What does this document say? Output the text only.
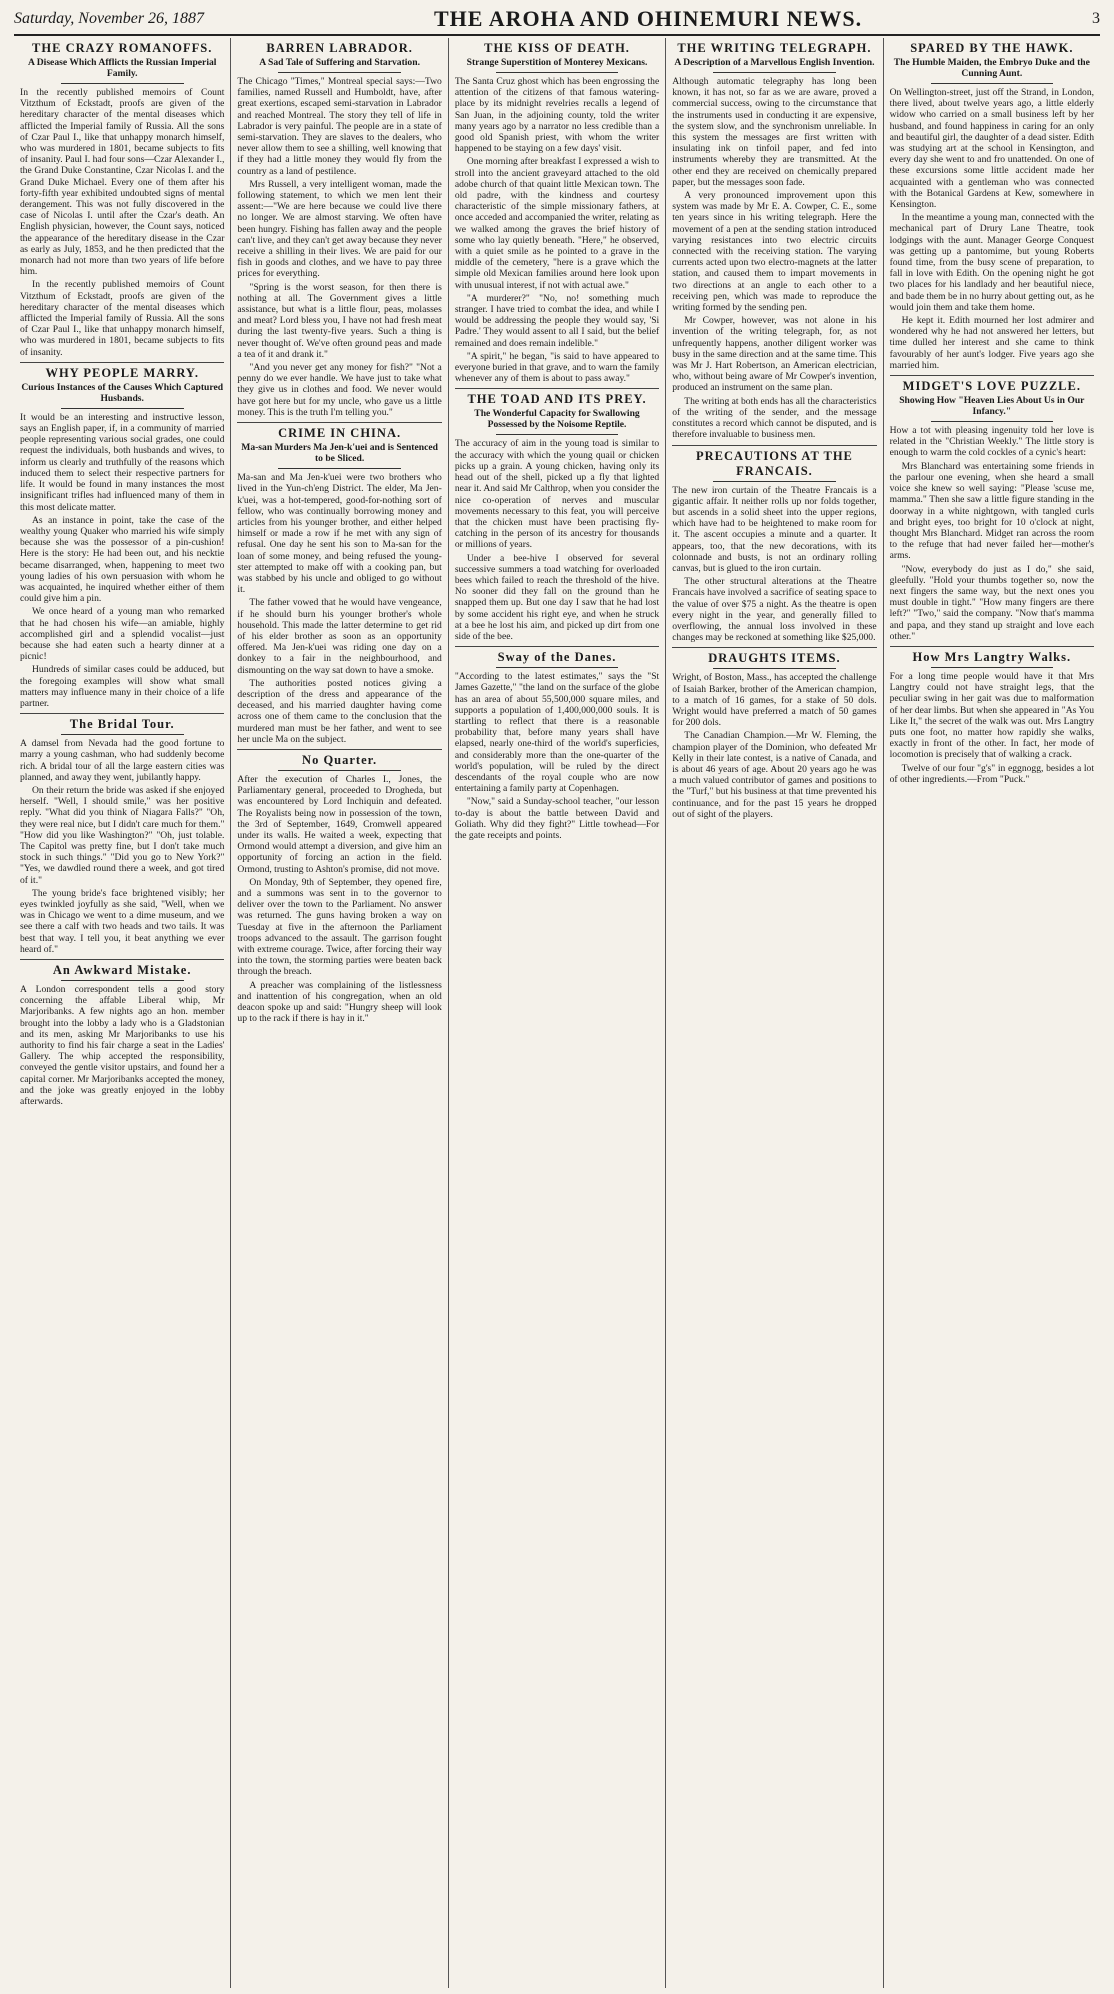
Saturday, November 26, 1887	THE AROHA AND OHINEMURI NEWS.	3
THE CRAZY ROMANOFFS.
A Disease Which Afflicts the Russian Imperial Family.

In the recently published memoirs of Count Vitzthum of Eckstadt, proofs are given of the hereditary character of the mental diseases which afflicted the Imperial family of Russia. All the sons of Czar Paul I., like that unhappy monarch himself, who was murdered in 1801, became subjects to fits of insanity. Paul I. had four sons—Czar Alexander I., the Grand Duke Constantine, Czar Nicolas I. and the Grand Duke Michael. Every one of them after his forty-fifth year exhibited undoubted signs of mental derangement. This was not fully discovered in the case of Nicolas I. until after the Czar's death. An English physician, however, the Count says, noticed the appearance of the hereditary disease in the Czar as early as July, 1853, and he then predicted that the monarch had not more than two years of life before him.

In the recently published memoirs of Count Vitzthum of Eckstadt, proofs are given of the hereditary character of the mental diseases which afflicted the Imperial family of Russia. All the sons of Czar Paul I., like that unhappy monarch himself, who was murdered in 1801, became subjects to fits of insanity.

WHY PEOPLE MARRY.
Curious Instances of the Causes Which Captured Husbands.

It would be an interesting and instructive lesson, says an English paper, if, in a community of married people representing various social grades, one could request the individuals, both husbands and wives, to inform us clearly and truthfully of the reasons which induced them to select their respective partners for life. It would be found in many instances the most insignificant trifles had influenced many of them in this most delicate matter.

As an instance in point, take the case of the wealthy young Quaker who married his wife simply because she was the possessor of a pin-cushion! Here is the story: He had been out, and his necktie became disarranged, when, happening to meet two young ladies of his own persuasion with whom he was acquainted, he inquired whether either of them could give him a pin.

We once heard of a young man who remarked that he had chosen his wife—an amiable, highly accomplished girl and a splendid vocalist—just because she had eaten such a hearty dinner at a picnic!

Hundreds of similar cases could be adduced, but the foregoing examples will show what small matters may influence many in their choice of a life partner.

The Bridal Tour.

A damsel from Nevada had the good fortune to marry a young cashman, who had suddenly become rich. A bridal tour of all the large eastern cities was planned, and away they went, jubilantly happy.

On their return the bride was asked if she enjoyed herself. "Well, I should smile," was her positive reply. "What did you think of Niagara Falls?" "Oh, they were real nice, but I didn't care much for them." "How did you like Washington?" "Oh, just tolable. The Capitol was pretty fine, but I don't take much stock in such things." "Did you go to New York?" "Yes, we dawdled round there a week, and got tired of it."

The young bride's face brightened visibly; her eyes twinkled joyfully as she said, "Well, when we was in Chicago we went to a dime museum, and we see there a calf with two heads and two tails. It was best that way. I tell you, it beat anything we ever heard of."

An Awkward Mistake.

A London correspondent tells a good story concerning the affable Liberal whip, Mr Marjoribanks. A few nights ago an hon. member brought into the lobby a lady who is a Gladstonian and its men, asking Mr Marjoribanks to use his authority to find his fair charge a seat in the Ladies' Gallery. The whip accepted the responsibility, conveyed the gentle visitor upstairs, and found her a capital corner. Mr Marjoribanks accepted the money, and the joke was greatly enjoyed in the lobby afterwards.

BARREN LABRADOR.
A Sad Tale of Suffering and Starvation.

The Chicago "Times," Montreal special says:—Two families, named Russell and Humboldt, have, after great exertions, escaped semi-starvation in Labrador and reached Montreal. The story they tell of life in Labrador is very painful. The people are in a state of semi-starvation. They are slaves to the dealers, who never allow them to see a shilling, well knowing that if they had a little money they would fly from the country as a land of pestilence.

Mrs Russell, a very intelligent woman, made the following statement, to which we men lent their assent:—"We are here because we could live there no longer. We are almost starving. We often have been hungry. Fishing has fallen away and the people can't live, and they can't get away because they never receive a shilling in their lives. We are paid for our fish in goods and clothes, and we have to pay three prices for everything.

"Spring is the worst season, for then there is nothing at all. The Government gives a little assistance, but what is a little flour, peas, molasses and meat? Lord bless you, I have not had fresh meat during the last twenty-five years. Such a thing is never thought of. We've often ground peas and made a tea of it and drank it."

"And you never get any money for fish?" "Not a penny do we ever handle. We have just to take what they give us in clothes and food. We never would have got here but for my uncle, who gave us a little money. This is the truth I'm telling you."

CRIME IN CHINA.
Ma-san Murders Ma Jen-k'uei and is Sentenced to be Sliced.

Ma-san and Ma Jen-k'uei were two brothers who lived in the Yun-ch'eng District. The elder, Ma Jen-k'uei, was a hot-tempered, good-for-nothing sort of fellow, who was continually borrowing money and articles from his younger brother, and either helped himself or made a row if he met with any sign of refusal. One day he sent his son to Ma-san for the loan of some money, and being refused the young-ster attempted to make off with a cooking pan, but was stabbed by his uncle and obliged to go without it.

The father vowed that he would have vengeance, if he should burn his younger brother's whole household. This made the latter determine to get rid of his elder brother as soon as an opportunity offered. Ma Jen-k'uei was riding one day on a donkey to a fair in the neighbourhood, and dismounting on the way sat down to have a smoke.

The authorities posted notices giving a description of the dress and appearance of the deceased, and his married daughter having come across one of them came to the conclusion that the murdered man must be her father, and went to see her uncle Ma on the subject.

No Quarter.

After the execution of Charles I., Jones, the Parliamentary general, proceeded to Drogheda, but was encountered by Lord Inchiquin and defeated. The Royalists being now in possession of the town, the 3rd of September, 1649, Cromwell appeared under its walls. He waited a week, expecting that Ormond would attempt a diversion, and give him an opportunity of forcing an action in the field. Ormond, trusting to Ashton's promise, did not move.

On Monday, 9th of September, they opened fire, and a summons was sent in to the governor to deliver over the town to the Parliament. No answer was returned. The guns having broken a way on Tuesday at five in the afternoon the Parliament troops advanced to the assault. The garrison fought with extreme courage. Twice, after forcing their way into the town, the storming parties were beaten back through the breach.

A preacher was complaining of the listlessness and inattention of his congregation, when an old deacon spoke up and said: "Hungry sheep will look up to the rack if there is hay in it."

THE KISS OF DEATH.
Strange Superstition of Monterey Mexicans.

The Santa Cruz ghost which has been engrossing the attention of the citizens of that famous watering-place by its midnight revelries recalls a legend of San Juan, in the adjoining county, told the writer many years ago by a narrator no less credible than a good old Spanish priest, with whom the writer happened to be staying on a few days' visit.

One morning after breakfast I expressed a wish to stroll into the ancient graveyard attached to the old adobe church of that quaint little Mexican town. The old padre, with the kindness and courtesy characteristic of the simple missionary fathers, at once acceded and accompanied the writer, relating as we walked among the graves the brief history of some who lay quietly beneath. "Here," he observed, with a quiet smile as he pointed to a grave in the middle of the cemetery, "here is a grave which the simple old Mexican families around here look upon with unusual interest, if not with actual awe."

"A murderer?" "No, no! something much stranger. I have tried to combat the idea, and while I would be addressing the people they would say, 'Si Padre.' They would assent to all I said, but the belief remained and does remain indelible."

"A spirit," he began, "is said to have appeared to everyone buried in that grave, and to warn the family whenever any of them is about to pass away."

THE TOAD AND ITS PREY.
The Wonderful Capacity for Swallowing Possessed by the Noisome Reptile.

The accuracy of aim in the young toad is similar to the accuracy with which the young quail or chicken picks up a grain. A young chicken, having only its head out of the shell, picked up a fly that lighted near it. And said Mr Calthrop, when you consider the nice co-operation of nerves and muscular movements necessary to this feat, you will perceive that the chicken must have been practising fly-catching in the person of its ancestry for thousands or millions of years.

Under a bee-hive I observed for several successive summers a toad watching for overloaded bees which failed to reach the threshold of the hive. No sooner did they fall on the ground than he snapped them up. But one day I saw that he had lost by some accident his right eye, and when he struck at a bee he lost his aim, and picked up dirt from one side of the bee.

Sway of the Danes.

"According to the latest estimates," says the "St James Gazette," "the land on the surface of the globe has an area of about 55,500,000 square miles, and supports a population of 1,400,000,000 souls. It is startling to reflect that there is a reasonable probability that, before many years shall have elapsed, nearly one-third of the world's superficies, and considerably more than the one-quarter of the world's population, will be ruled by the direct descendants of the royal couple who are now entertaining a family party at Copenhagen.

"Now," said a Sunday-school teacher, "our lesson to-day is about the battle between David and Goliath. Why did they fight?" Little towhead—For the gate receipts and points.

THE WRITING TELEGRAPH.
A Description of a Marvellous English Invention.

Although automatic telegraphy has long been known, it has not, so far as we are aware, proved a commercial success, owing to the circumstance that the instruments used in conducting it are expensive, the system slow, and the synchronism unreliable. In this system the messages are first written with insulating ink on tinfoil paper, and fed into instruments whereby they are transmitted. At the other end they are received on chemically prepared paper, but the messages soon fade.

A very pronounced improvement upon this system was made by Mr E. A. Cowper, C. E., some ten years since in his writing telegraph. Here the movement of a pen at the sending station introduced varying resistances into two electric circuits connected with the receiving station. The varying currents acted upon two electro-magnets at the latter station, and caused them to impart movements in two directions at an angle to each other to a receiving pen, which was made to reproduce the writing formed by the sending pen.

Mr Cowper, however, was not alone in his invention of the writing telegraph, for, as not unfrequently happens, another diligent worker was busy in the same direction and at the same time. This was Mr J. Hart Robertson, an American electrician, who, without being aware of Mr Cowper's invention, produced an instrument on the same plan.

The writing at both ends has all the characteristics of the writing of the sender, and the message constitutes a record which cannot be disputed, and is therefore invaluable to business men.

PRECAUTIONS AT THE FRANCAIS.

The new iron curtain of the Theatre Francais is a gigantic affair. It neither rolls up nor folds together, but ascends in a solid sheet into the upper regions, which have had to be heightened to make room for it. The ascent occupies a minute and a quarter. It appears, too, that the new decorations, with its colonnade and busts, is not an ordinary rolling canvas, but is glued to the iron curtain.

The other structural alterations at the Theatre Francais have involved a sacrifice of seating space to the value of over $75 a night. As the theatre is open every night in the year, and generally filled to overflowing, the annual loss involved in these changes may be reckoned at something like $25,000.

DRAUGHTS ITEMS.

Wright, of Boston, Mass., has accepted the challenge of Isaiah Barker, brother of the American champion, to a match of 16 games, for a stake of 50 dols. Wright would have preferred a match of 50 games for 200 dols.

The Canadian Champion.—Mr W. Fleming, the champion player of the Dominion, who defeated Mr Kelly in their late contest, is a native of Canada, and is about 46 years of age. About 20 years ago he was a much valued contributor of games and positions to the "Turf," but his business at that time prevented his continuance, and for the past 15 years he dropped out of sight of the players.

SPARED BY THE HAWK.
The Humble Maiden, the Embryo Duke and the Cunning Aunt.

On Wellington-street, just off the Strand, in London, there lived, about twelve years ago, a little elderly widow who carried on a small business left by her husband, and found happiness in caring for an only and beautiful girl, the daughter of a dead sister. Edith was studying art at the school in Kensington, and every day she went to and fro unattended. On one of these excursions some little accident made her acquainted with a gentleman who was connected with the Botanical Gardens at Kew, somewhere in Kensington.

In the meantime a young man, connected with the mechanical part of Drury Lane Theatre, took lodgings with the aunt. Manager George Conquest was getting up a pantomime, but young Roberts found time, from the busy scene of preparation, to fall in love with Edith. On the opening night he got two places for his landlady and her beautiful niece, and bade them be in no hurry about getting out, as he would join them and take them home.

He kept it. Edith mourned her lost admirer and wondered why he had not answered her letters, but time dulled her interest and she came to think favourably of her aunt's lodger. Five years ago she married him.

MIDGET'S LOVE PUZZLE.
Showing How "Heaven Lies About Us in Our Infancy."

How a tot with pleasing ingenuity told her love is related in the "Christian Weekly." The little story is enough to warm the cold cockles of a cynic's heart:

Mrs Blanchard was entertaining some friends in the parlour one evening, when she heard a small voice she knew so well saying: "Please 'scuse me, mamma." Then she saw a little figure standing in the doorway in a white nightgown, with tangled curls and bright eyes, too bright for 10 o'clock at night, thought Mrs Blanchard. Midget ran across the room to the refuge that had never failed her—mother's arms.

"Now, everybody do just as I do," she said, gleefully. "Hold your thumbs together so, now the next fingers the same way, but the next ones you must double in tight." "How many fingers are there left?" "Two," said the company. "Now that's mamma and papa, and they stand up straight and love each other."

How Mrs Langtry Walks.

For a long time people would have it that Mrs Langtry could not have straight legs, that the peculiar swing in her gait was due to malformation of her dear limbs. But when she appeared in "As You Like It," the secret of the walk was out. Mrs Langtry puts one foot, no matter how rapidly she walks, exactly in front of the other. In fact, her mode of locomotion is precisely that of walking a crack.

Twelve of our four "g's" in eggnogg, besides a lot of other ingredients.—From "Puck."
